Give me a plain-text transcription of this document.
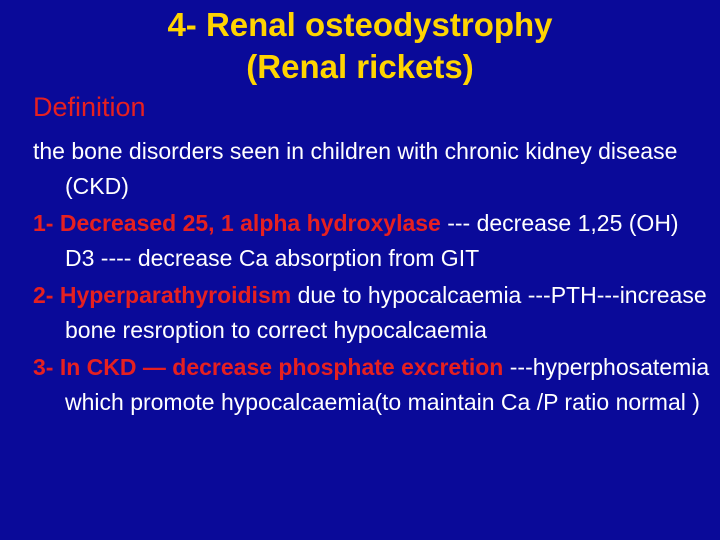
4- Renal osteodystrophy
(Renal rickets)

Definition

the bone disorders seen in children with chronic kidney disease (CKD)

1- Decreased 25, 1 alpha hydroxylase --- decrease 1,25 (OH) D3 ---- decrease Ca absorption from GIT

2- Hyperparathyroidism due to hypocalcaemia ---PTH---increase bone resroption to correct hypocalcaemia

3- In CKD — decrease phosphate excretion ---hyperphosatemia which promote hypocalcaemia(to maintain Ca /P ratio normal )
